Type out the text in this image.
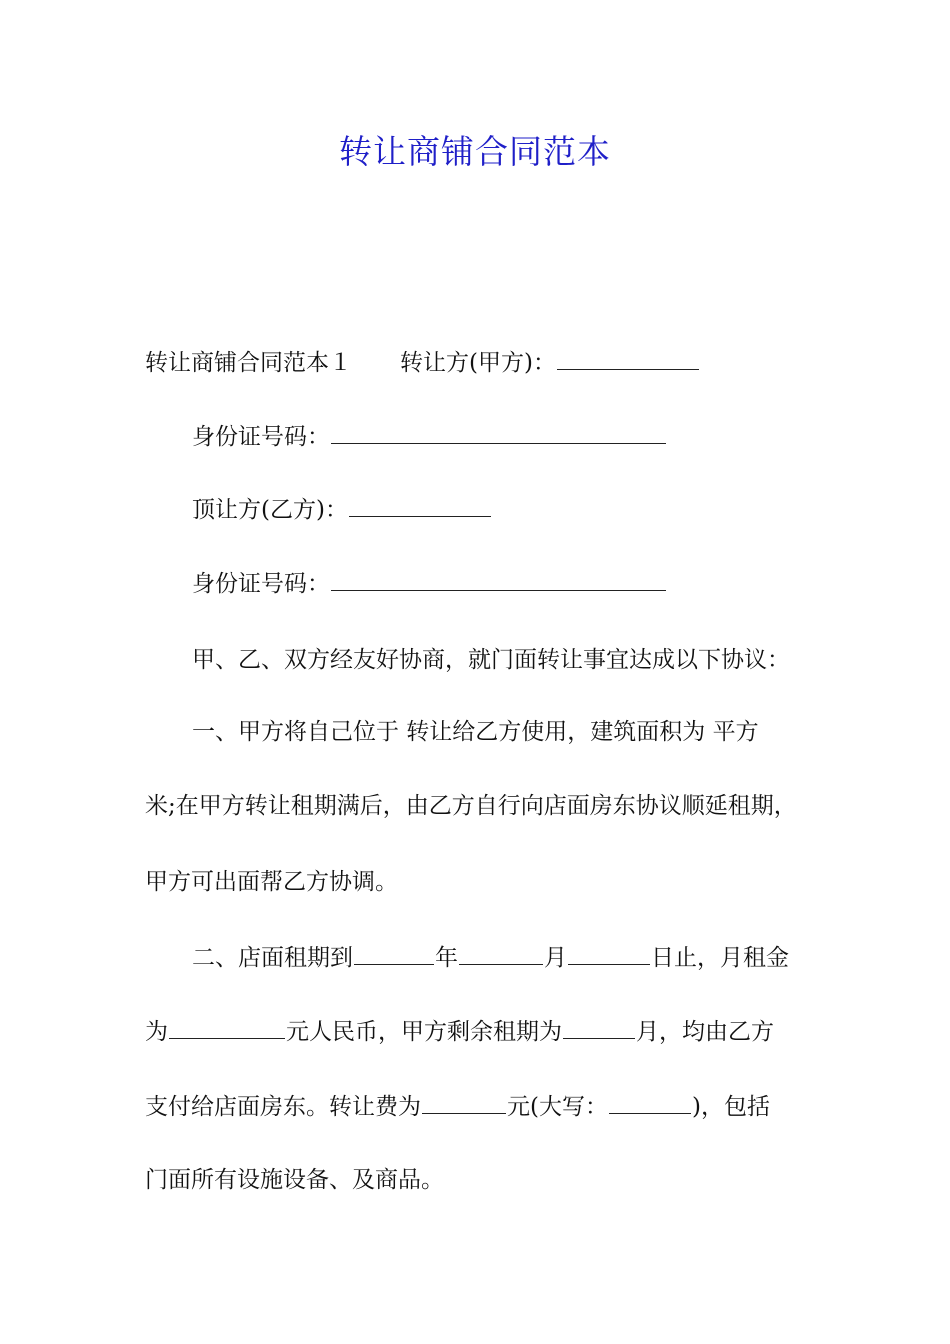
转让商铺合同范本
转让商铺合同范本１ 转让方(甲方)：
身份证号码：
顶让方(乙方)：
身份证号码：
甲、乙、双方经友好协商，就门面转让事宜达成以下协议：
一、甲方将自己位于 转让给乙方使用，建筑面积为 平方
米;在甲方转让租期满后，由乙方自行向店面房东协议顺延租期，
甲方可出面帮乙方协调。
二、店面租期到	年	月	日止，月租金
为	元人民币，甲方剩余租期为	月，均由乙方
支付给店面房东。转让费为	元(大写：	)，包括
门面所有设施设备、及商品。
